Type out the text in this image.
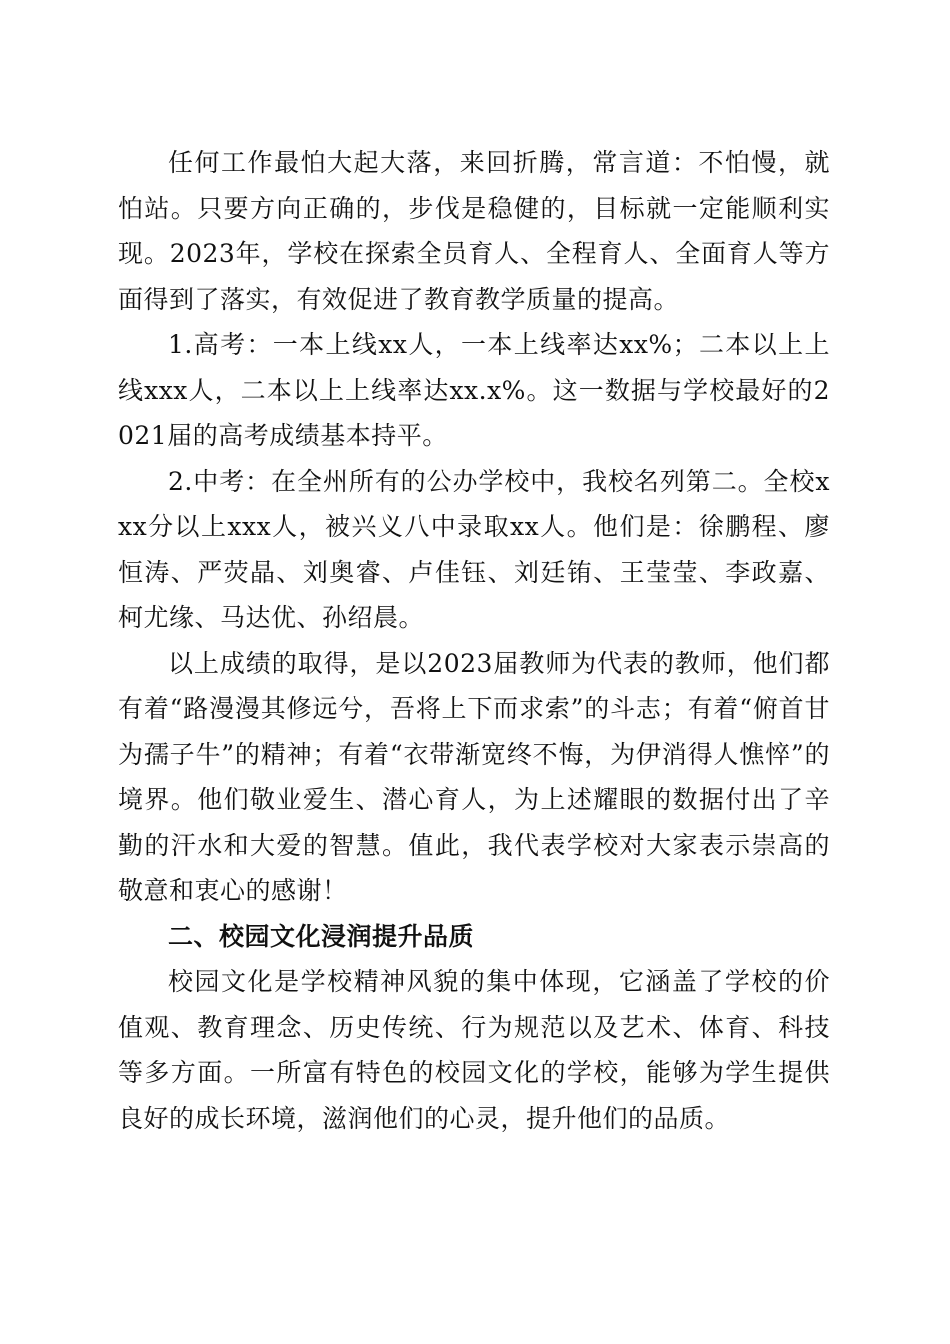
任何工作最怕大起大落，来回折腾，常言道：不怕慢，就怕站。只要方向正确的，步伐是稳健的，目标就一定能顺利实现。2023年，学校在探索全员育人、全程育人、全面育人等方面得到了落实，有效促进了教育教学质量的提高。

1.高考：一本上线xx人，一本上线率达xx%；二本以上上线xxx人，二本以上上线率达xx.x%。这一数据与学校最好的2021届的高考成绩基本持平。

2.中考：在全州所有的公办学校中，我校名列第二。全校xxx分以上xxx人，被兴义八中录取xx人。他们是：徐鹏程、廖恒涛、严荧晶、刘奥睿、卢佳钰、刘廷铕、王莹莹、李政嘉、柯尤缘、马达优、孙绍晨。

以上成绩的取得，是以2023届教师为代表的教师，他们都有着“路漫漫其修远兮，吾将上下而求索”的斗志；有着“俯首甘为孺子牛”的精神；有着“衣带渐宽终不悔，为伊消得人憔悴”的境界。他们敬业爱生、潜心育人，为上述耀眼的数据付出了辛勤的汗水和大爱的智慧。值此，我代表学校对大家表示崇高的敬意和衷心的感谢！

二、校园文化浸润提升品质

校园文化是学校精神风貌的集中体现，它涵盖了学校的价值观、教育理念、历史传统、行为规范以及艺术、体育、科技等多方面。一所富有特色的校园文化的学校，能够为学生提供良好的成长环境，滋润他们的心灵，提升他们的品质。
